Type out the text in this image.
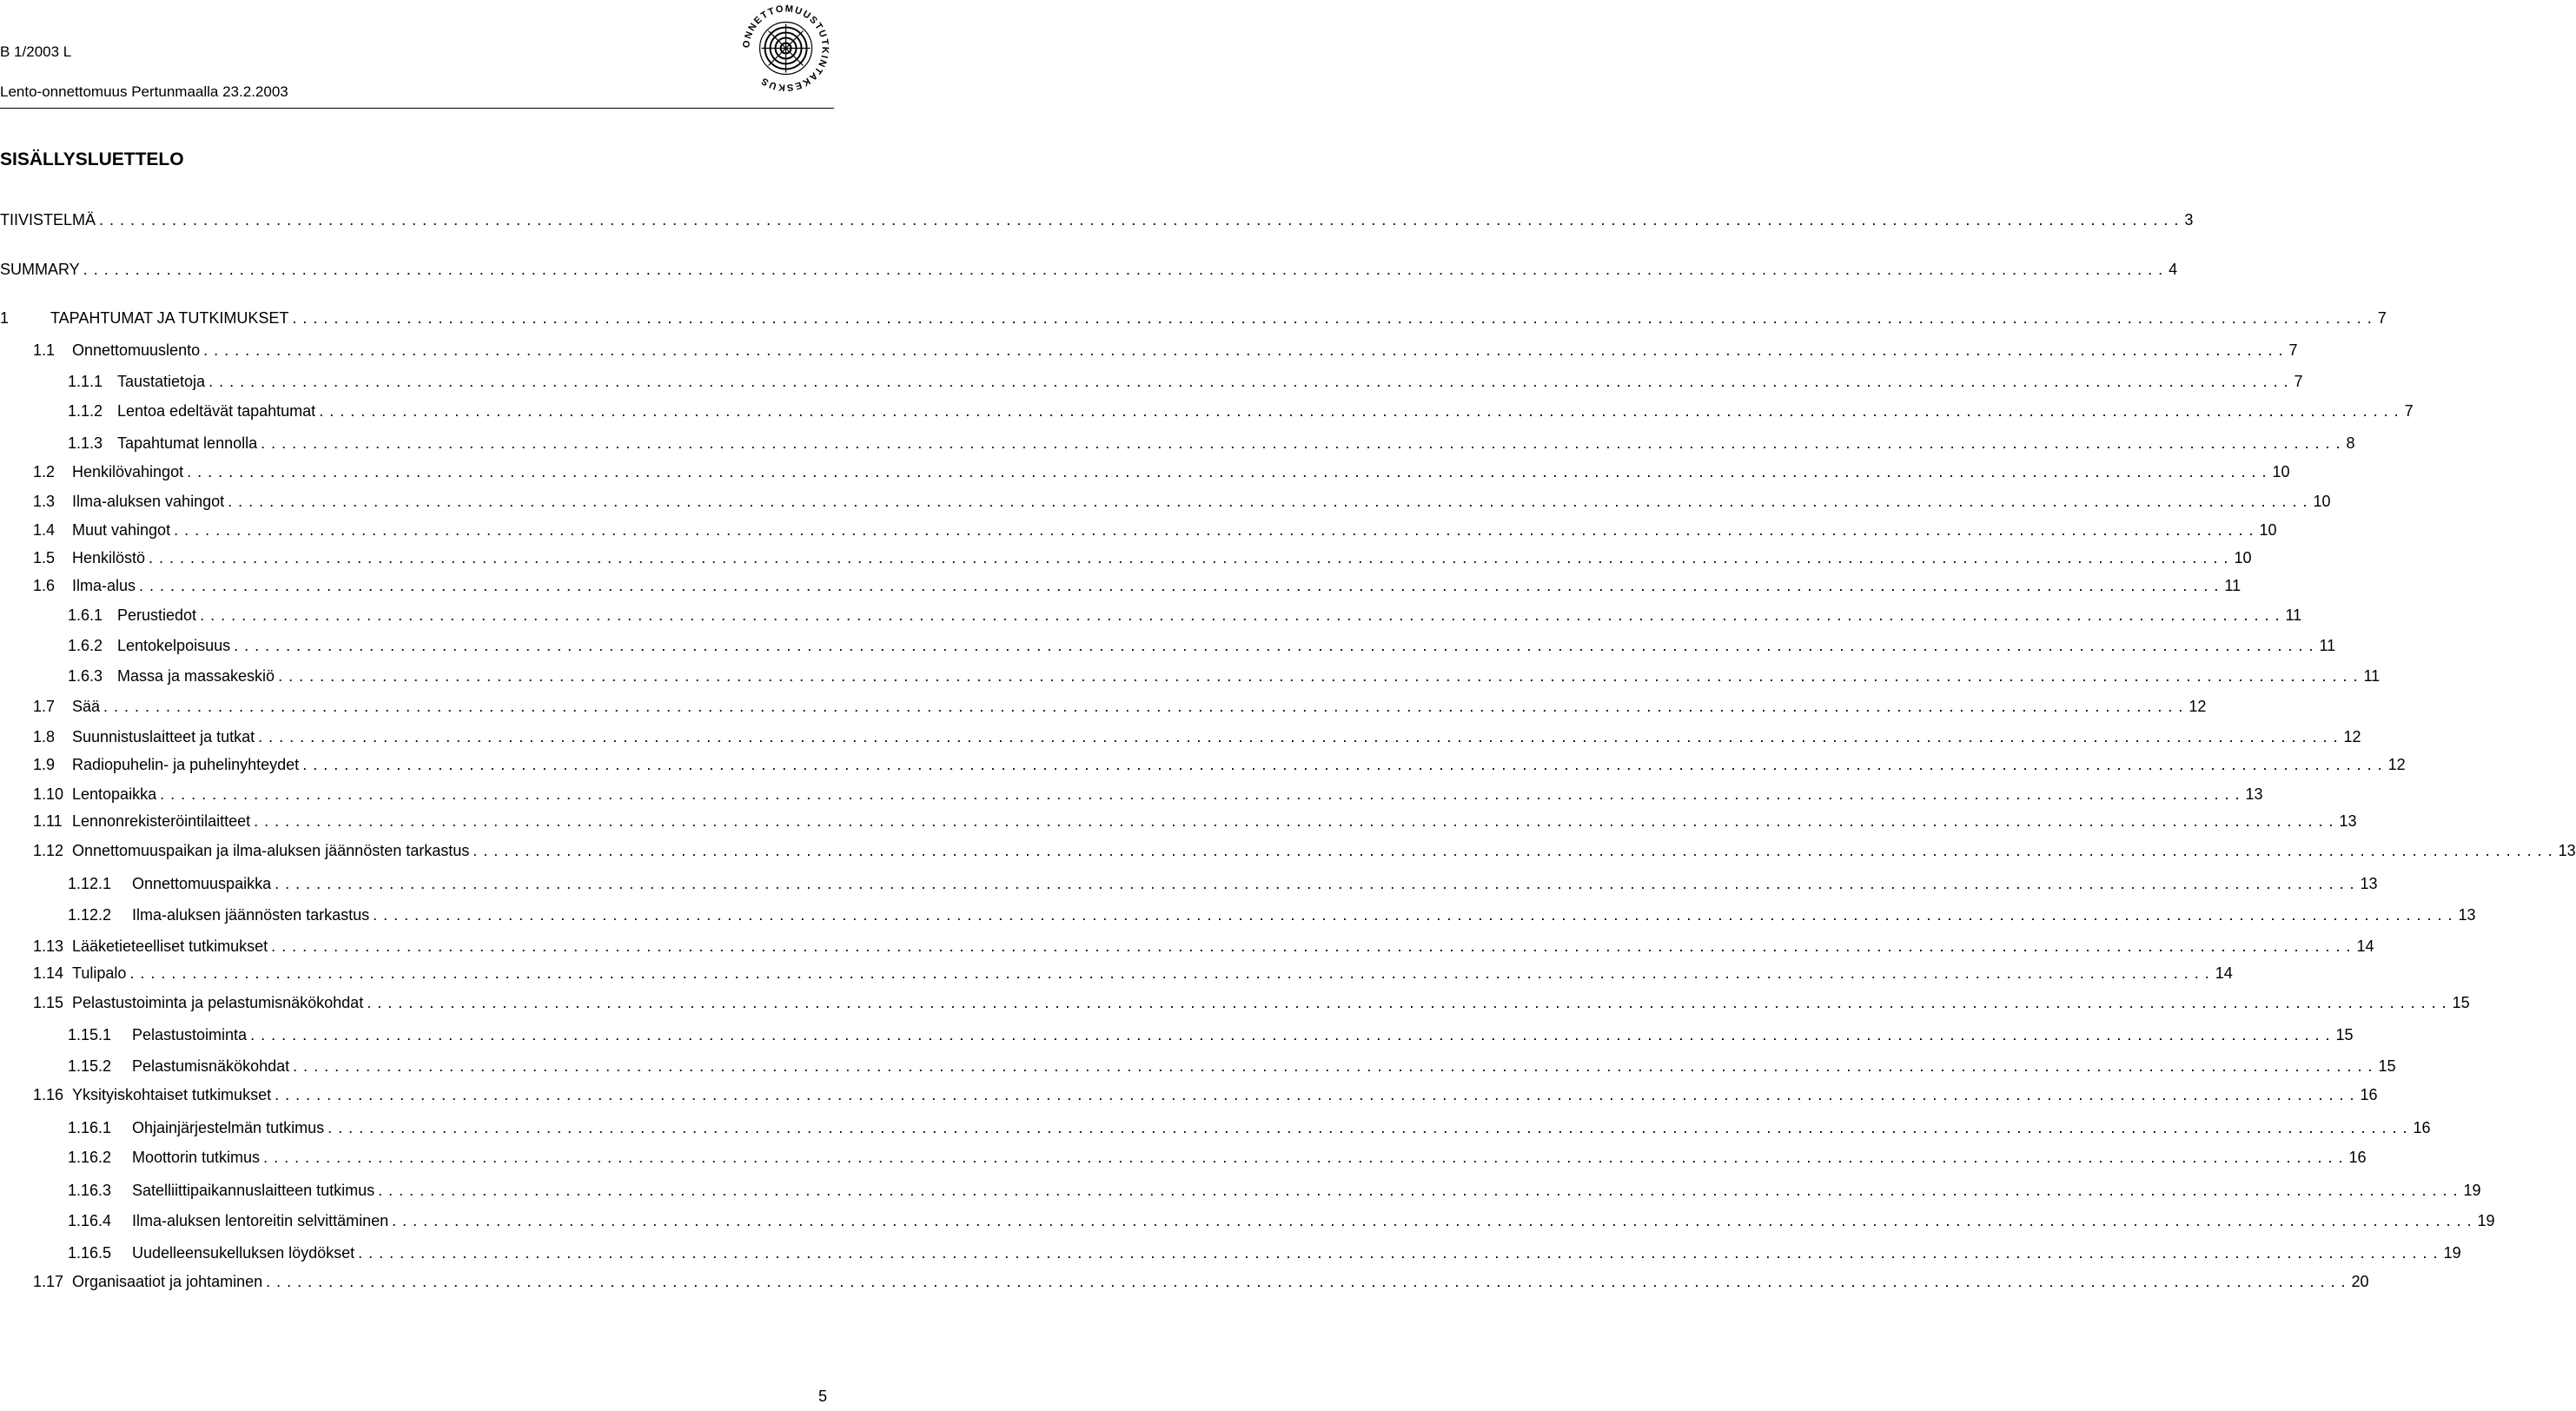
B 1/2003 L
Lento-onnettomuus Pertunmaalla 23.2.2003
ONNETTOMUUSTUTKINTAKESKUS
SISÄLLYSLUETTELO
TIIVISTELMÄ . . . . . . . . . . . . . . . . . . . . . . . . . . . . . . . . . . . . . . . . . . . . . . . . . . . . . . . . . . . . . . . . . . . . . . . . . . . . . . . . . . . . . . . . . . . . . . . . . . . . . . . . . . . . . . . . . . . . . . . . . . . . . . . . . . . . . . . . . . . . . . . . . . . . . . . . . . . . . . . . . . . . . . . . . . . . . . . . . . . . . . . . . . . . . . . . . . . . . . . . 3
SUMMARY . . . . . . . . . . . . . . . . . . . . . . . . . . . . . . . . . . . . . . . . . . . . . . . . . . . . . . . . . . . . . . . . . . . . . . . . . . . . . . . . . . . . . . . . . . . . . . . . . . . . . . . . . . . . . . . . . . . . . . . . . . . . . . . . . . . . . . . . . . . . . . . . . . . . . . . . . . . . . . . . . . . . . . . . . . . . . . . . . . . . . . . . . . . . . . . . . . . . . . . . 4
1	TAPAHTUMAT JA TUTKIMUKSET . . . . . . . . . . . . . . . . . . . . . . . . . . . . . . . . . . . . . . . . . . . . . . . . . . . . . . . . . . . . . . . . . . . . . . . . . . . . . . . . . . . . . . . . . . . . . . . . . . . . . . . . . . . . . . . . . . . . . . . . . . . . . . . . . . . . . . . . . . . . . . . . . . . . . . . . . . . . . . . . . . . . . . . . . . . . . . . . . . . . . . . . . . . . . . . . . . . . . . . . 7
1.1 Onnettomuuslento . . . . . . . . . . . . . . . . . . . . . . . . . . . . . . . . . . . . . . . . . . . . . . . . . . . . . . . . . . . . . . . . . . . . . . . . . . . . . . . . . . . . . . . . . . . . . . . . . . . . . . . . . . . . . . . . . . . . . . . . . . . . . . . . . . . . . . . . . . . . . . . . . . . . . . . . . . . . . . . . . . . . . . . . . . . . . . . . . . . . . . . . . . . . . . . . . . . . . . . . 7
1.1.1 Taustatietoja . . . . . . . . . . . . . . . . . . . . . . . . . . . . . . . . . . . . . . . . . . . . . . . . . . . . . . . . . . . . . . . . . . . . . . . . . . . . . . . . . . . . . . . . . . . . . . . . . . . . . . . . . . . . . . . . . . . . . . . . . . . . . . . . . . . . . . . . . . . . . . . . . . . . . . . . . . . . . . . . . . . . . . . . . . . . . . . . . . . . . . . . . . . . . . . . . . . . . . . . 7
1.1.2 Lentoa edeltävät tapahtumat . . . . . . . . . . . . . . . . . . . . . . . . . . . . . . . . . . . . . . . . . . . . . . . . . . . . . . . . . . . . . . . . . . . . . . . . . . . . . . . . . . . . . . . . . . . . . . . . . . . . . . . . . . . . . . . . . . . . . . . . . . . . . . . . . . . . . . . . . . . . . . . . . . . . . . . . . . . . . . . . . . . . . . . . . . . . . . . . . . . . . . . . . . . . . . . . . . . . . . . . 7
1.1.3 Tapahtumat lennolla . . . . . . . . . . . . . . . . . . . . . . . . . . . . . . . . . . . . . . . . . . . . . . . . . . . . . . . . . . . . . . . . . . . . . . . . . . . . . . . . . . . . . . . . . . . . . . . . . . . . . . . . . . . . . . . . . . . . . . . . . . . . . . . . . . . . . . . . . . . . . . . . . . . . . . . . . . . . . . . . . . . . . . . . . . . . . . . . . . . . . . . . . . . . . . . . . . . . . . . . 8
1.2 Henkilövahingot . . . . . . . . . . . . . . . . . . . . . . . . . . . . . . . . . . . . . . . . . . . . . . . . . . . . . . . . . . . . . . . . . . . . . . . . . . . . . . . . . . . . . . . . . . . . . . . . . . . . . . . . . . . . . . . . . . . . . . . . . . . . . . . . . . . . . . . . . . . . . . . . . . . . . . . . . . . . . . . . . . . . . . . . . . . . . . . . . . . . . . . . . . . . . . . . . . . . . . . . 10
1.3 Ilma-aluksen vahingot . . . . . . . . . . . . . . . . . . . . . . . . . . . . . . . . . . . . . . . . . . . . . . . . . . . . . . . . . . . . . . . . . . . . . . . . . . . . . . . . . . . . . . . . . . . . . . . . . . . . . . . . . . . . . . . . . . . . . . . . . . . . . . . . . . . . . . . . . . . . . . . . . . . . . . . . . . . . . . . . . . . . . . . . . . . . . . . . . . . . . . . . . . . . . . . . . . . . . . . . 10
1.4 Muut vahingot . . . . . . . . . . . . . . . . . . . . . . . . . . . . . . . . . . . . . . . . . . . . . . . . . . . . . . . . . . . . . . . . . . . . . . . . . . . . . . . . . . . . . . . . . . . . . . . . . . . . . . . . . . . . . . . . . . . . . . . . . . . . . . . . . . . . . . . . . . . . . . . . . . . . . . . . . . . . . . . . . . . . . . . . . . . . . . . . . . . . . . . . . . . . . . . . . . . . . . . . 10
1.5 Henkilöstö . . . . . . . . . . . . . . . . . . . . . . . . . . . . . . . . . . . . . . . . . . . . . . . . . . . . . . . . . . . . . . . . . . . . . . . . . . . . . . . . . . . . . . . . . . . . . . . . . . . . . . . . . . . . . . . . . . . . . . . . . . . . . . . . . . . . . . . . . . . . . . . . . . . . . . . . . . . . . . . . . . . . . . . . . . . . . . . . . . . . . . . . . . . . . . . . . . . . . . . . 10
1.6 Ilma-alus . . . . . . . . . . . . . . . . . . . . . . . . . . . . . . . . . . . . . . . . . . . . . . . . . . . . . . . . . . . . . . . . . . . . . . . . . . . . . . . . . . . . . . . . . . . . . . . . . . . . . . . . . . . . . . . . . . . . . . . . . . . . . . . . . . . . . . . . . . . . . . . . . . . . . . . . . . . . . . . . . . . . . . . . . . . . . . . . . . . . . . . . . . . . . . . . . . . . . . . . 11
1.6.1 Perustiedot . . . . . . . . . . . . . . . . . . . . . . . . . . . . . . . . . . . . . . . . . . . . . . . . . . . . . . . . . . . . . . . . . . . . . . . . . . . . . . . . . . . . . . . . . . . . . . . . . . . . . . . . . . . . . . . . . . . . . . . . . . . . . . . . . . . . . . . . . . . . . . . . . . . . . . . . . . . . . . . . . . . . . . . . . . . . . . . . . . . . . . . . . . . . . . . . . . . . . . . . 11
1.6.2 Lentokelpoisuus . . . . . . . . . . . . . . . . . . . . . . . . . . . . . . . . . . . . . . . . . . . . . . . . . . . . . . . . . . . . . . . . . . . . . . . . . . . . . . . . . . . . . . . . . . . . . . . . . . . . . . . . . . . . . . . . . . . . . . . . . . . . . . . . . . . . . . . . . . . . . . . . . . . . . . . . . . . . . . . . . . . . . . . . . . . . . . . . . . . . . . . . . . . . . . . . . . . . . . . . 11
1.6.3 Massa ja massakeskiö . . . . . . . . . . . . . . . . . . . . . . . . . . . . . . . . . . . . . . . . . . . . . . . . . . . . . . . . . . . . . . . . . . . . . . . . . . . . . . . . . . . . . . . . . . . . . . . . . . . . . . . . . . . . . . . . . . . . . . . . . . . . . . . . . . . . . . . . . . . . . . . . . . . . . . . . . . . . . . . . . . . . . . . . . . . . . . . . . . . . . . . . . . . . . . . . . . . . . . . . 11
1.7 Sää . . . . . . . . . . . . . . . . . . . . . . . . . . . . . . . . . . . . . . . . . . . . . . . . . . . . . . . . . . . . . . . . . . . . . . . . . . . . . . . . . . . . . . . . . . . . . . . . . . . . . . . . . . . . . . . . . . . . . . . . . . . . . . . . . . . . . . . . . . . . . . . . . . . . . . . . . . . . . . . . . . . . . . . . . . . . . . . . . . . . . . . . . . . . . . . . . . . . . . . . 12
1.8 Suunnistuslaitteet ja tutkat . . . . . . . . . . . . . . . . . . . . . . . . . . . . . . . . . . . . . . . . . . . . . . . . . . . . . . . . . . . . . . . . . . . . . . . . . . . . . . . . . . . . . . . . . . . . . . . . . . . . . . . . . . . . . . . . . . . . . . . . . . . . . . . . . . . . . . . . . . . . . . . . . . . . . . . . . . . . . . . . . . . . . . . . . . . . . . . . . . . . . . . . . . . . . . . . . . . . . . . . 12
1.9 Radiopuhelin- ja puhelinyhteydet . . . . . . . . . . . . . . . . . . . . . . . . . . . . . . . . . . . . . . . . . . . . . . . . . . . . . . . . . . . . . . . . . . . . . . . . . . . . . . . . . . . . . . . . . . . . . . . . . . . . . . . . . . . . . . . . . . . . . . . . . . . . . . . . . . . . . . . . . . . . . . . . . . . . . . . . . . . . . . . . . . . . . . . . . . . . . . . . . . . . . . . . . . . . . . . . . . . . . . . . 12
1.10 Lentopaikka . . . . . . . . . . . . . . . . . . . . . . . . . . . . . . . . . . . . . . . . . . . . . . . . . . . . . . . . . . . . . . . . . . . . . . . . . . . . . . . . . . . . . . . . . . . . . . . . . . . . . . . . . . . . . . . . . . . . . . . . . . . . . . . . . . . . . . . . . . . . . . . . . . . . . . . . . . . . . . . . . . . . . . . . . . . . . . . . . . . . . . . . . . . . . . . . . . . . . . . . 13
1.11 Lennonrekisteröintilaitteet . . . . . . . . . . . . . . . . . . . . . . . . . . . . . . . . . . . . . . . . . . . . . . . . . . . . . . . . . . . . . . . . . . . . . . . . . . . . . . . . . . . . . . . . . . . . . . . . . . . . . . . . . . . . . . . . . . . . . . . . . . . . . . . . . . . . . . . . . . . . . . . . . . . . . . . . . . . . . . . . . . . . . . . . . . . . . . . . . . . . . . . . . . . . . . . . . . . . . . . . 13
1.12 Onnettomuuspaikan ja ilma-aluksen jäännösten tarkastus . . . . . . . . . . . . . . . . . . . . . . . . . . . . . . . . . . . . . . . . . . . . . . . . . . . . . . . . . . . . . . . . . . . . . . . . . . . . . . . . . . . . . . . . . . . . . . . . . . . . . . . . . . . . . . . . . . . . . . . . . . . . . . . . . . . . . . . . . . . . . . . . . . . . . . . . . . . . . . . . . . . . . . . . . . . . . . . . . . . . . . . . . . . . . . . . . . . . . . . . 13
1.12.1 Onnettomuuspaikka . . . . . . . . . . . . . . . . . . . . . . . . . . . . . . . . . . . . . . . . . . . . . . . . . . . . . . . . . . . . . . . . . . . . . . . . . . . . . . . . . . . . . . . . . . . . . . . . . . . . . . . . . . . . . . . . . . . . . . . . . . . . . . . . . . . . . . . . . . . . . . . . . . . . . . . . . . . . . . . . . . . . . . . . . . . . . . . . . . . . . . . . . . . . . . . . . . . . . . . . 13
1.12.2 Ilma-aluksen jäännösten tarkastus . . . . . . . . . . . . . . . . . . . . . . . . . . . . . . . . . . . . . . . . . . . . . . . . . . . . . . . . . . . . . . . . . . . . . . . . . . . . . . . . . . . . . . . . . . . . . . . . . . . . . . . . . . . . . . . . . . . . . . . . . . . . . . . . . . . . . . . . . . . . . . . . . . . . . . . . . . . . . . . . . . . . . . . . . . . . . . . . . . . . . . . . . . . . . . . . . . . . . . . . 13
1.13 Lääketieteelliset tutkimukset . . . . . . . . . . . . . . . . . . . . . . . . . . . . . . . . . . . . . . . . . . . . . . . . . . . . . . . . . . . . . . . . . . . . . . . . . . . . . . . . . . . . . . . . . . . . . . . . . . . . . . . . . . . . . . . . . . . . . . . . . . . . . . . . . . . . . . . . . . . . . . . . . . . . . . . . . . . . . . . . . . . . . . . . . . . . . . . . . . . . . . . . . . . . . . . . . . . . . . . . 14
1.14 Tulipalo . . . . . . . . . . . . . . . . . . . . . . . . . . . . . . . . . . . . . . . . . . . . . . . . . . . . . . . . . . . . . . . . . . . . . . . . . . . . . . . . . . . . . . . . . . . . . . . . . . . . . . . . . . . . . . . . . . . . . . . . . . . . . . . . . . . . . . . . . . . . . . . . . . . . . . . . . . . . . . . . . . . . . . . . . . . . . . . . . . . . . . . . . . . . . . . . . . . . . . . . 14
1.15 Pelastustoiminta ja pelastumisnäkökohdat . . . . . . . . . . . . . . . . . . . . . . . . . . . . . . . . . . . . . . . . . . . . . . . . . . . . . . . . . . . . . . . . . . . . . . . . . . . . . . . . . . . . . . . . . . . . . . . . . . . . . . . . . . . . . . . . . . . . . . . . . . . . . . . . . . . . . . . . . . . . . . . . . . . . . . . . . . . . . . . . . . . . . . . . . . . . . . . . . . . . . . . . . . . . . . . . . . . . . . . . 15
1.15.1 Pelastustoiminta . . . . . . . . . . . . . . . . . . . . . . . . . . . . . . . . . . . . . . . . . . . . . . . . . . . . . . . . . . . . . . . . . . . . . . . . . . . . . . . . . . . . . . . . . . . . . . . . . . . . . . . . . . . . . . . . . . . . . . . . . . . . . . . . . . . . . . . . . . . . . . . . . . . . . . . . . . . . . . . . . . . . . . . . . . . . . . . . . . . . . . . . . . . . . . . . . . . . . . . . 15
1.15.2 Pelastumisnäkökohdat . . . . . . . . . . . . . . . . . . . . . . . . . . . . . . . . . . . . . . . . . . . . . . . . . . . . . . . . . . . . . . . . . . . . . . . . . . . . . . . . . . . . . . . . . . . . . . . . . . . . . . . . . . . . . . . . . . . . . . . . . . . . . . . . . . . . . . . . . . . . . . . . . . . . . . . . . . . . . . . . . . . . . . . . . . . . . . . . . . . . . . . . . . . . . . . . . . . . . . . . 15
1.16 Yksityiskohtaiset tutkimukset . . . . . . . . . . . . . . . . . . . . . . . . . . . . . . . . . . . . . . . . . . . . . . . . . . . . . . . . . . . . . . . . . . . . . . . . . . . . . . . . . . . . . . . . . . . . . . . . . . . . . . . . . . . . . . . . . . . . . . . . . . . . . . . . . . . . . . . . . . . . . . . . . . . . . . . . . . . . . . . . . . . . . . . . . . . . . . . . . . . . . . . . . . . . . . . . . . . . . . . . 16
1.16.1 Ohjainjärjestelmän tutkimus . . . . . . . . . . . . . . . . . . . . . . . . . . . . . . . . . . . . . . . . . . . . . . . . . . . . . . . . . . . . . . . . . . . . . . . . . . . . . . . . . . . . . . . . . . . . . . . . . . . . . . . . . . . . . . . . . . . . . . . . . . . . . . . . . . . . . . . . . . . . . . . . . . . . . . . . . . . . . . . . . . . . . . . . . . . . . . . . . . . . . . . . . . . . . . . . . . . . . . . . 16
1.16.2 Moottorin tutkimus . . . . . . . . . . . . . . . . . . . . . . . . . . . . . . . . . . . . . . . . . . . . . . . . . . . . . . . . . . . . . . . . . . . . . . . . . . . . . . . . . . . . . . . . . . . . . . . . . . . . . . . . . . . . . . . . . . . . . . . . . . . . . . . . . . . . . . . . . . . . . . . . . . . . . . . . . . . . . . . . . . . . . . . . . . . . . . . . . . . . . . . . . . . . . . . . . . . . . . . . 16
1.16.3 Satelliittipaikannuslaitteen tutkimus . . . . . . . . . . . . . . . . . . . . . . . . . . . . . . . . . . . . . . . . . . . . . . . . . . . . . . . . . . . . . . . . . . . . . . . . . . . . . . . . . . . . . . . . . . . . . . . . . . . . . . . . . . . . . . . . . . . . . . . . . . . . . . . . . . . . . . . . . . . . . . . . . . . . . . . . . . . . . . . . . . . . . . . . . . . . . . . . . . . . . . . . . . . . . . . . . . . . . . . . 19
1.16.4 Ilma-aluksen lentoreitin selvittäminen . . . . . . . . . . . . . . . . . . . . . . . . . . . . . . . . . . . . . . . . . . . . . . . . . . . . . . . . . . . . . . . . . . . . . . . . . . . . . . . . . . . . . . . . . . . . . . . . . . . . . . . . . . . . . . . . . . . . . . . . . . . . . . . . . . . . . . . . . . . . . . . . . . . . . . . . . . . . . . . . . . . . . . . . . . . . . . . . . . . . . . . . . . . . . . . . . . . . . . . . 19
1.16.5 Uudelleensukelluksen löydökset . . . . . . . . . . . . . . . . . . . . . . . . . . . . . . . . . . . . . . . . . . . . . . . . . . . . . . . . . . . . . . . . . . . . . . . . . . . . . . . . . . . . . . . . . . . . . . . . . . . . . . . . . . . . . . . . . . . . . . . . . . . . . . . . . . . . . . . . . . . . . . . . . . . . . . . . . . . . . . . . . . . . . . . . . . . . . . . . . . . . . . . . . . . . . . . . . . . . . . . . 19
1.17 Organisaatiot ja johtaminen . . . . . . . . . . . . . . . . . . . . . . . . . . . . . . . . . . . . . . . . . . . . . . . . . . . . . . . . . . . . . . . . . . . . . . . . . . . . . . . . . . . . . . . . . . . . . . . . . . . . . . . . . . . . . . . . . . . . . . . . . . . . . . . . . . . . . . . . . . . . . . . . . . . . . . . . . . . . . . . . . . . . . . . . . . . . . . . . . . . . . . . . . . . . . . . . . . . . . . . . 20
5
